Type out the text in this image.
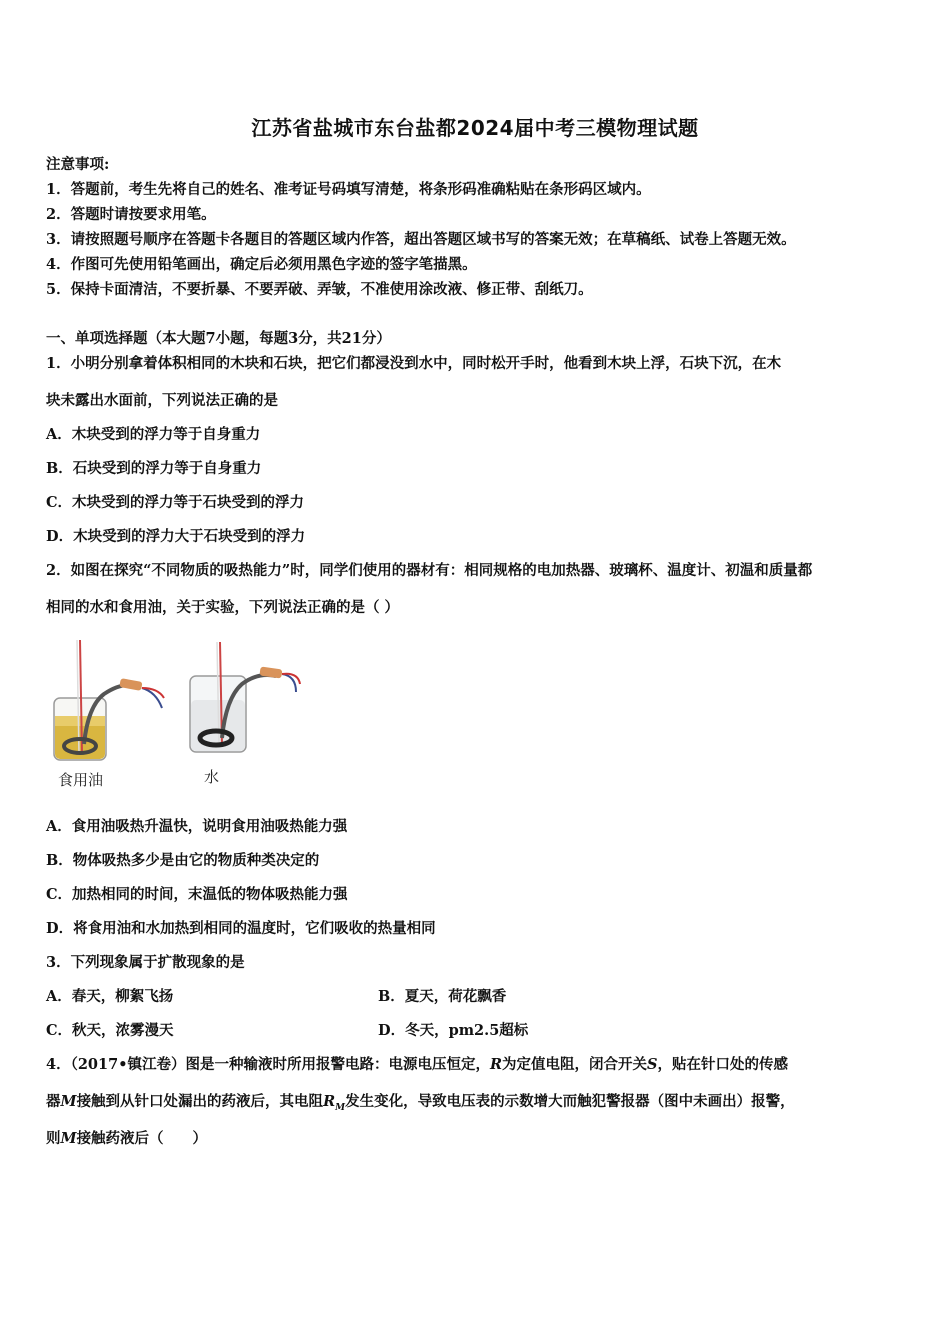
江苏省盐城市东台盐都2024届中考三模物理试题
注意事项:
1．答题前，考生先将自己的姓名、准考证号码填写清楚，将条形码准确粘贴在条形码区域内。
2．答题时请按要求用笔。
3．请按照题号顺序在答题卡各题目的答题区域内作答，超出答题区域书写的答案无效；在草稿纸、试卷上答题无效。
4．作图可先使用铅笔画出，确定后必须用黑色字迹的签字笔描黑。
5．保持卡面清洁，不要折暴、不要弄破、弄皱，不准使用涂改液、修正带、刮纸刀。
一、单项选择题（本大题7小题，每题3分，共21分）
1．小明分别拿着体积相同的木块和石块，把它们都浸没到水中，同时松开手时，他看到木块上浮，石块下沉，在木
块未露出水面前，下列说法正确的是
A．木块受到的浮力等于自身重力
B．石块受到的浮力等于自身重力
C．木块受到的浮力等于石块受到的浮力
D．木块受到的浮力大于石块受到的浮力
2．如图在探究“不同物质的吸热能力”时，同学们使用的器材有：相同规格的电加热器、玻璃杯、温度计、初温和质量都
相同的水和食用油，关于实验，下列说法正确的是（ ）
食用油	水
A．食用油吸热升温快，说明食用油吸热能力强
B．物体吸热多少是由它的物质种类决定的
C．加热相同的时间，末温低的物体吸热能力强
D．将食用油和水加热到相同的温度时，它们吸收的热量相同
3．下列现象属于扩散现象的是
A．春天，柳絮飞扬	B．夏天，荷花飘香
C．秋天，浓雾漫天	D．冬天，pm2.5超标
4．（2017•镇江卷）图是一种输液时所用报警电路：电源电压恒定，R为定值电阻，闭合开关S，贴在针口处的传感
器M接触到从针口处漏出的药液后，其电阻$R_M$发生变化，导致电压表的示数增大而触犯警报器（图中未画出）报警，
则M接触药液后（　　）
